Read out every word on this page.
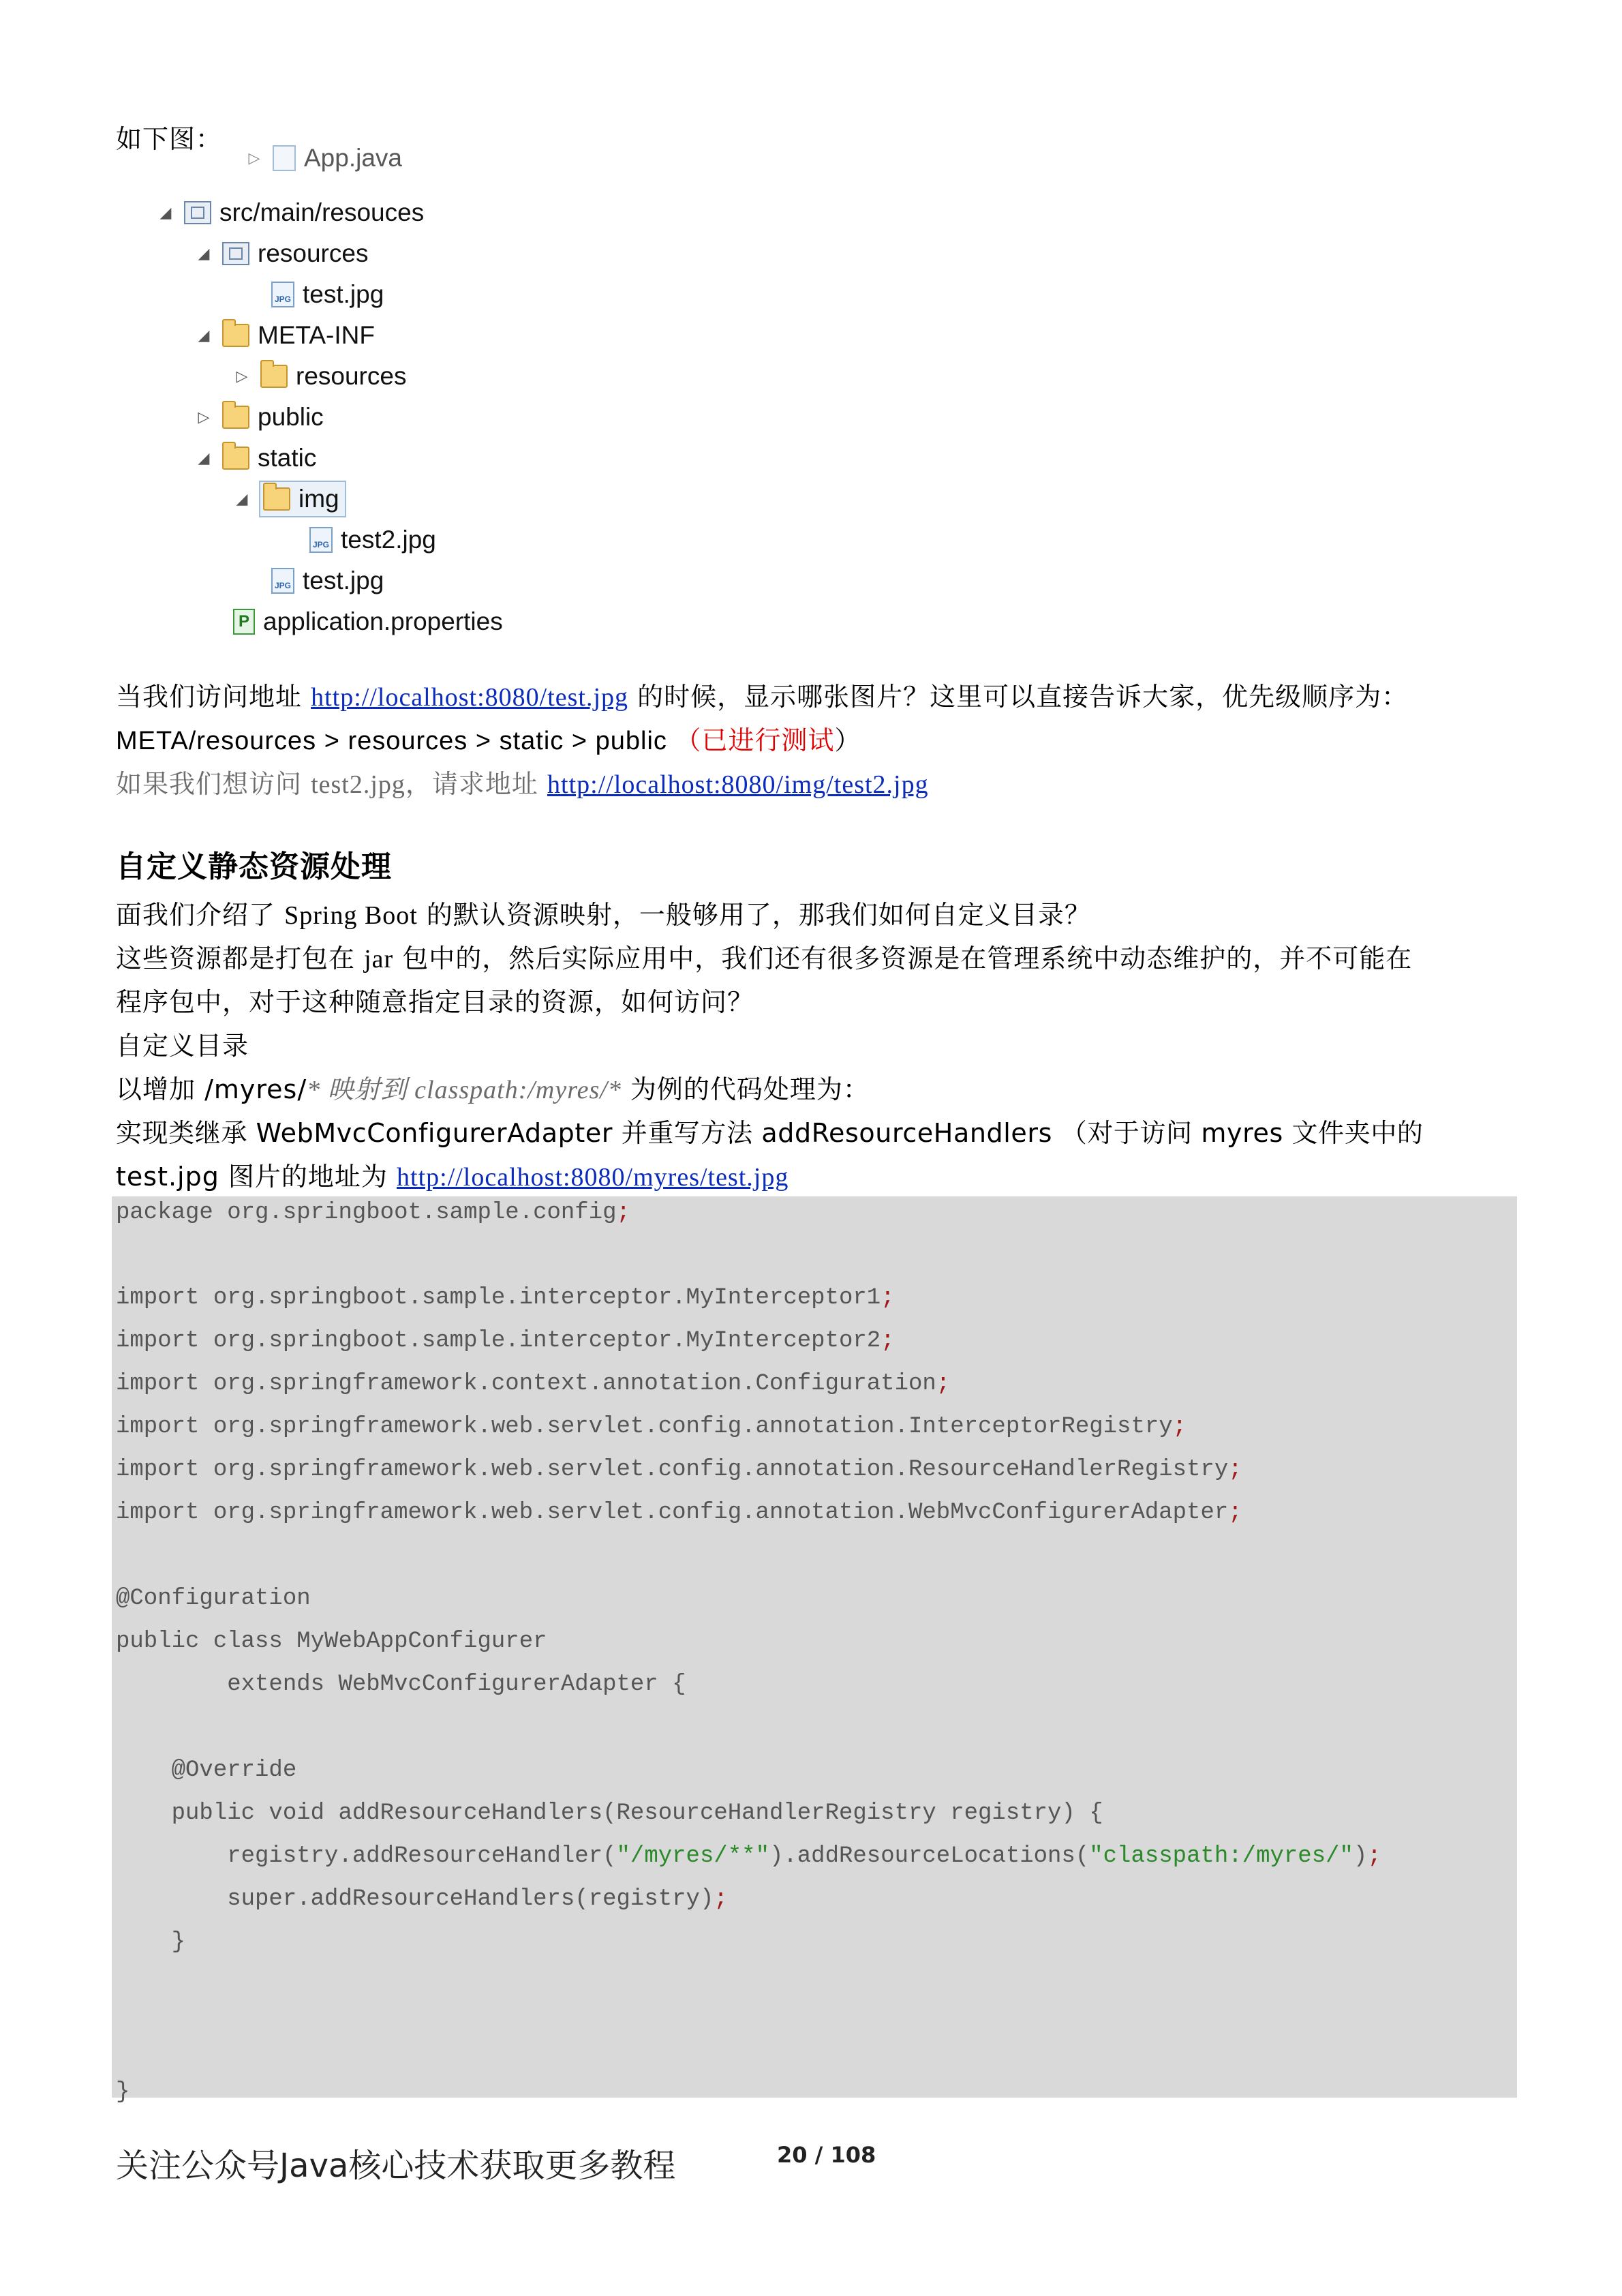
如下图：
▷ App.java
◢ src/main/resouces
◢ resources
JPG test.jpg
◢ META-INF
▷ resources
▷ public
◢ static
◢ img
JPG test2.jpg
JPG test.jpg
P application.properties
当我们访问地址 http://localhost:8080/test.jpg 的时候，显示哪张图片？这里可以直接告诉大家，优先级顺序为：
META/resources > resources > static > public （已进行测试）
如果我们想访问 test2.jpg，请求地址 http://localhost:8080/img/test2.jpg
自定义静态资源处理
面我们介绍了 Spring Boot 的默认资源映射，一般够用了，那我们如何自定义目录？
这些资源都是打包在 jar 包中的，然后实际应用中，我们还有很多资源是在管理系统中动态维护的，并不可能在
程序包中，对于这种随意指定目录的资源，如何访问？
自定义目录
以增加 /myres/* 映射到 classpath:/myres/* 为例的代码处理为：
实现类继承 WebMvcConfigurerAdapter 并重写方法 addResourceHandlers （对于访问 myres 文件夹中的
test.jpg 图片的地址为 http://localhost:8080/myres/test.jpg
package org.springboot.sample.config;
import org.springboot.sample.interceptor.MyInterceptor1;
import org.springboot.sample.interceptor.MyInterceptor2;
import org.springframework.context.annotation.Configuration;
import org.springframework.web.servlet.config.annotation.InterceptorRegistry;
import org.springframework.web.servlet.config.annotation.ResourceHandlerRegistry;
import org.springframework.web.servlet.config.annotation.WebMvcConfigurerAdapter;
@Configuration
public class MyWebAppConfigurer
extends WebMvcConfigurerAdapter {
@Override
public void addResourceHandlers(ResourceHandlerRegistry registry) {
registry.addResourceHandler("/myres/**").addResourceLocations("classpath:/myres/");
super.addResourceHandlers(registry);
}
}
关注公众号Java核心技术获取更多教程	20 / 108
